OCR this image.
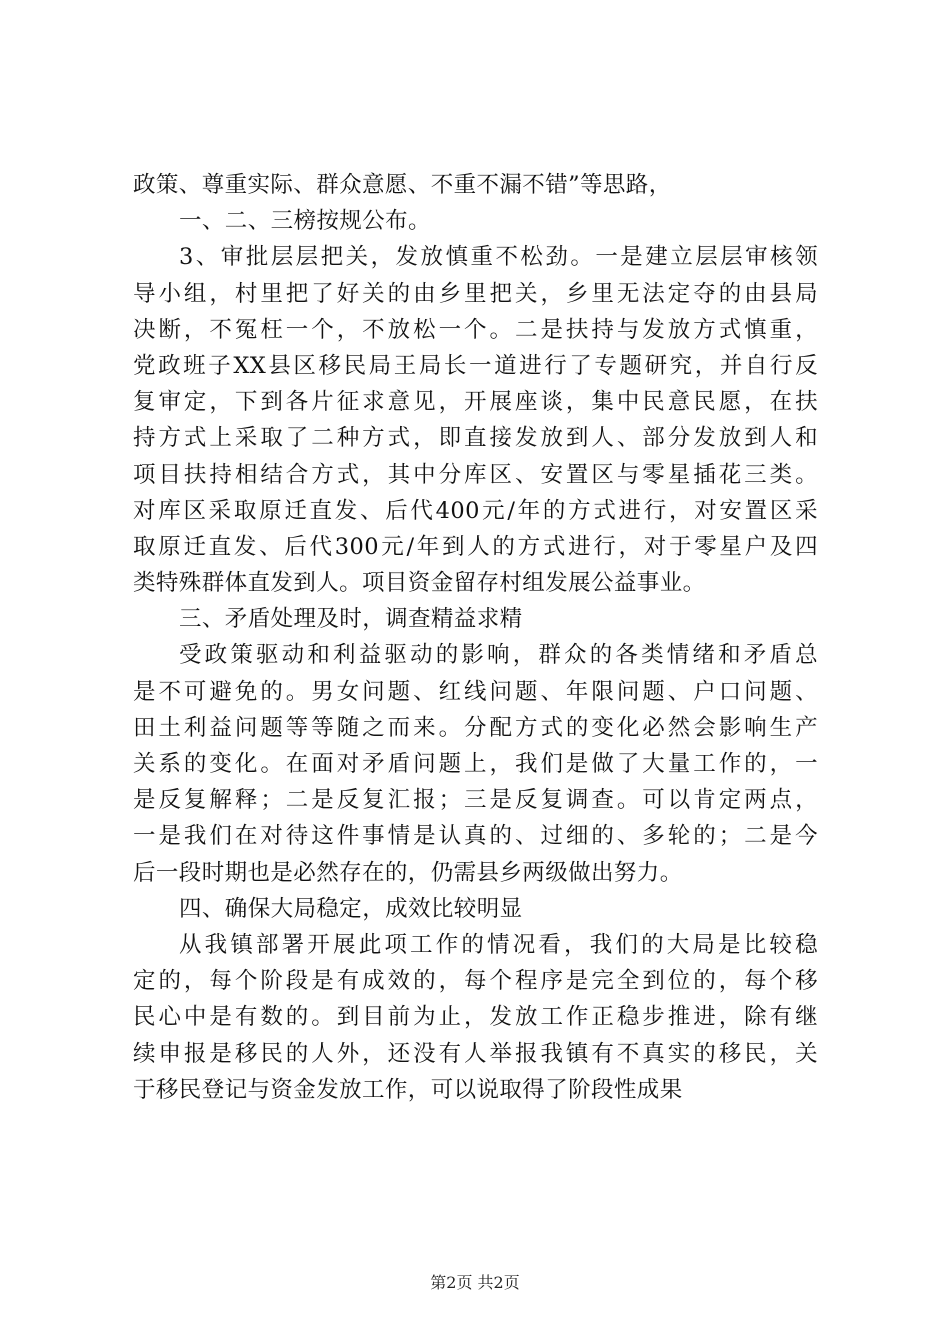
政策、尊重实际、群众意愿、不重不漏不错”等思路，
一、二、三榜按规公布。
3、审批层层把关，发放慎重不松劲。一是建立层层审核领
导小组，村里把了好关的由乡里把关，乡里无法定夺的由县局
决断，不冤枉一个，不放松一个。二是扶持与发放方式慎重，
党政班子XX县区移民局王局长一道进行了专题研究，并自行反
复审定，下到各片征求意见，开展座谈，集中民意民愿，在扶
持方式上采取了二种方式，即直接发放到人、部分发放到人和
项目扶持相结合方式，其中分库区、安置区与零星插花三类。
对库区采取原迁直发、后代400元/年的方式进行，对安置区采
取原迁直发、后代300元/年到人的方式进行，对于零星户及四
类特殊群体直发到人。项目资金留存村组发展公益事业。
三、矛盾处理及时，调查精益求精
受政策驱动和利益驱动的影响，群众的各类情绪和矛盾总
是不可避免的。男女问题、红线问题、年限问题、户口问题、
田土利益问题等等随之而来。分配方式的变化必然会影响生产
关系的变化。在面对矛盾问题上，我们是做了大量工作的，一
是反复解释；二是反复汇报；三是反复调查。可以肯定两点，
一是我们在对待这件事情是认真的、过细的、多轮的；二是今
后一段时期也是必然存在的，仍需县乡两级做出努力。
四、确保大局稳定，成效比较明显
从我镇部署开展此项工作的情况看，我们的大局是比较稳
定的，每个阶段是有成效的，每个程序是完全到位的，每个移
民心中是有数的。到目前为止，发放工作正稳步推进，除有继
续申报是移民的人外，还没有人举报我镇有不真实的移民，关
于移民登记与资金发放工作，可以说取得了阶段性成果
第2页 共2页
